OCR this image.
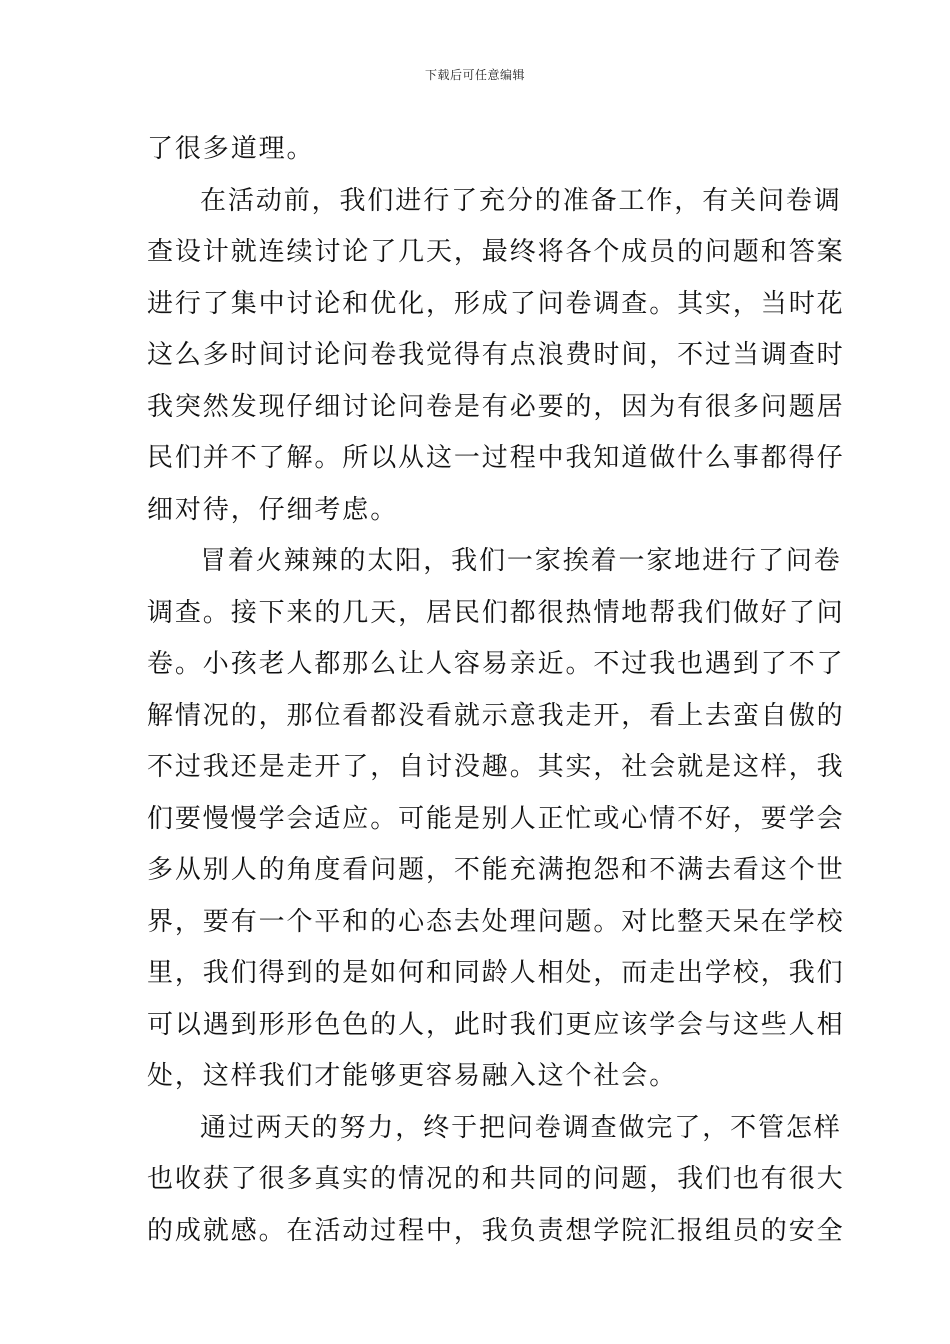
下载后可任意编辑
了很多道理。
在活动前，我们进行了充分的准备工作，有关问卷调
查设计就连续讨论了几天，最终将各个成员的问题和答案
进行了集中讨论和优化，形成了问卷调查。其实，当时花
这么多时间讨论问卷我觉得有点浪费时间，不过当调查时
我突然发现仔细讨论问卷是有必要的，因为有很多问题居
民们并不了解。所以从这一过程中我知道做什么事都得仔
细对待，仔细考虑。
冒着火辣辣的太阳，我们一家挨着一家地进行了问卷
调查。接下来的几天，居民们都很热情地帮我们做好了问
卷。小孩老人都那么让人容易亲近。不过我也遇到了不了
解情况的，那位看都没看就示意我走开，看上去蛮自傲的
不过我还是走开了，自讨没趣。其实，社会就是这样，我
们要慢慢学会适应。可能是别人正忙或心情不好，要学会
多从别人的角度看问题，不能充满抱怨和不满去看这个世
界，要有一个平和的心态去处理问题。对比整天呆在学校
里，我们得到的是如何和同龄人相处，而走出学校，我们
可以遇到形形色色的人，此时我们更应该学会与这些人相
处，这样我们才能够更容易融入这个社会。
通过两天的努力，终于把问卷调查做完了，不管怎样
也收获了很多真实的情况的和共同的问题，我们也有很大
的成就感。在活动过程中，我负责想学院汇报组员的安全
